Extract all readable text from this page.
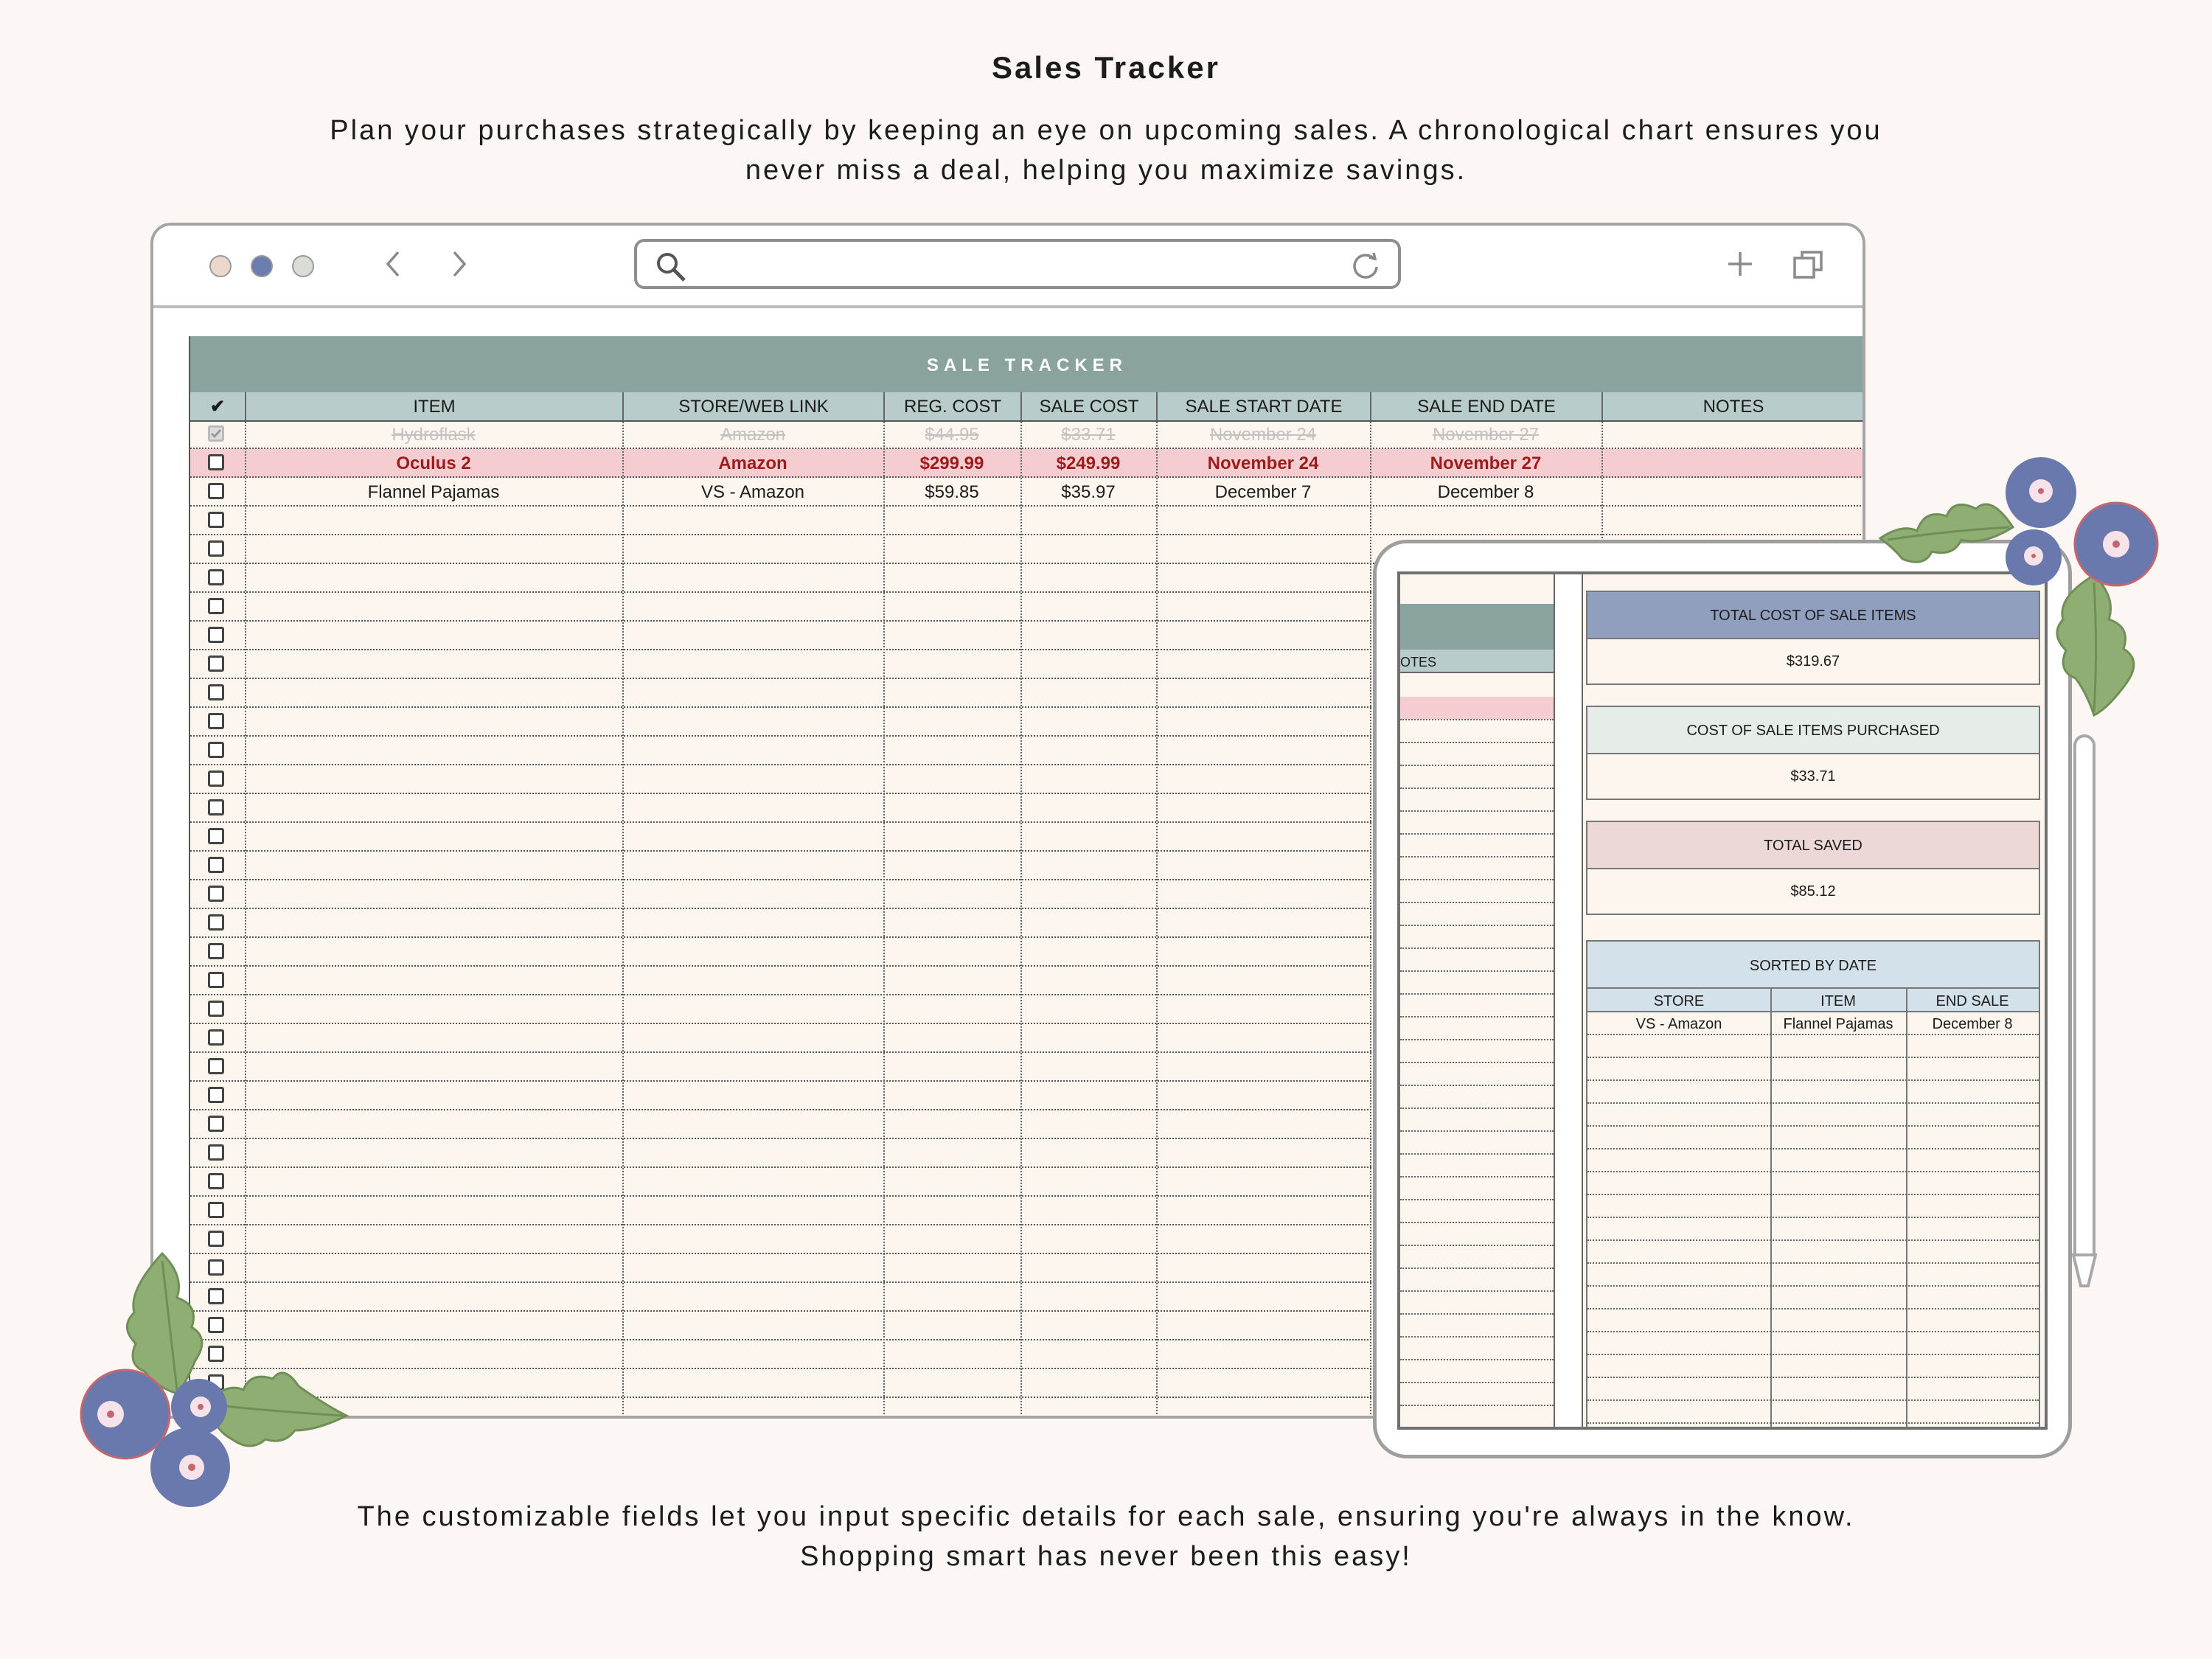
Sales Tracker
Plan your purchases strategically by keeping an eye on upcoming sales. A chronological chart ensures you never miss a deal, helping you maximize savings.
SALE TRACKER
✔	ITEM	STORE/WEB LINK	REG. COST	SALE COST	SALE START DATE	SALE END DATE	NOTES
Hydroflask	Amazon	$44.95	$33.71	November 24	November 27
Oculus 2	Amazon	$299.99	$249.99	November 24	November 27
Flannel Pajamas	VS - Amazon	$59.85	$35.97	December 7	December 8
OTES
TOTAL COST OF SALE ITEMS
$319.67
COST OF SALE ITEMS PURCHASED
$33.71
TOTAL SAVED
$85.12
SORTED BY DATE
STORE	ITEM	END SALE
VS - Amazon	Flannel Pajamas	December 8
The customizable fields let you input specific details for each sale, ensuring you're always in the know. Shopping smart has never been this easy!
